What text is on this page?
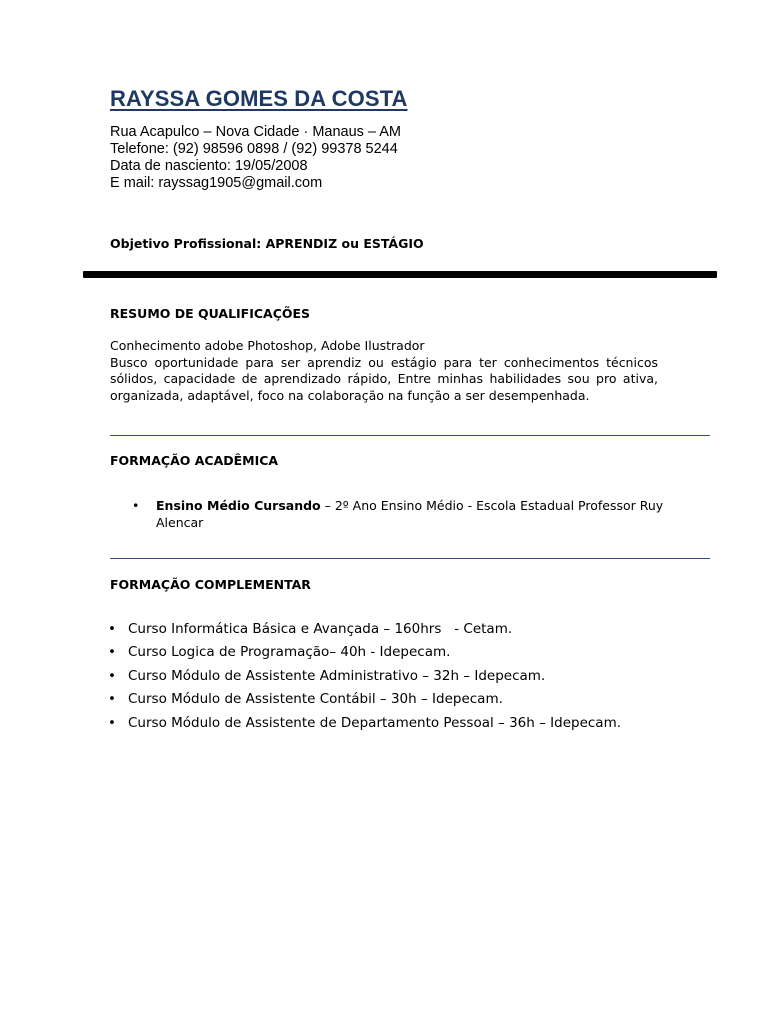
RAYSSA GOMES DA COSTA
Rua Acapulco – Nova Cidade · Manaus – AM
Telefone: (92) 98596 0898 / (92) 99378 5244
Data de nasciento: 19/05/2008
E mail: rayssag1905@gmail.com

Objetivo Profissional: APRENDIZ ou ESTÁGIO

RESUMO DE QUALIFICAÇÕES

Conhecimento adobe Photoshop, Adobe Ilustrador

Busco oportunidade para ser aprendiz ou estágio para ter conhecimentos técnicos sólidos, capacidade de aprendizado rápido, Entre minhas habilidades sou pro ativa, organizada, adaptável, foco na colaboração na função a ser desempenhada.

FORMAÇÃO ACADÊMICA
• Ensino Médio Cursando – 2º Ano Ensino Médio - Escola Estadual Professor Ruy Alencar
FORMAÇÃO COMPLEMENTAR
• Curso Informática Básica e Avançada – 160hrs   - Cetam.
• Curso Logica de Programação– 40h - Idepecam.
• Curso Módulo de Assistente Administrativo – 32h – Idepecam.
• Curso Módulo de Assistente Contábil – 30h – Idepecam.
• Curso Módulo de Assistente de Departamento Pessoal – 36h – Idepecam.
